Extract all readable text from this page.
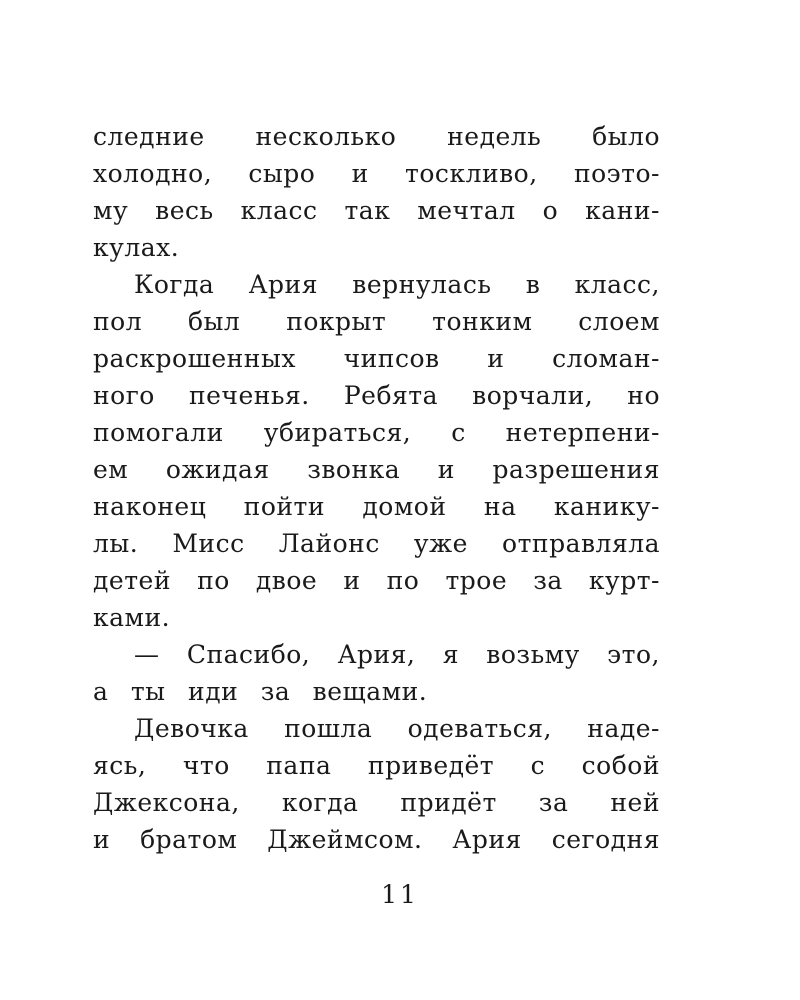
следние несколько недель было
холодно, сыро и тоскливо, поэто-
му весь класс так мечтал о кани-
кулах.
Когда Ария вернулась в класс,
пол был покрыт тонким слоем
раскрошенных чипсов и сломан-
ного печенья. Ребята ворчали, но
помогали убираться, с нетерпени-
ем ожидая звонка и разрешения
наконец пойти домой на канику-
лы. Мисс Лайонс уже отправляла
детей по двое и по трое за курт-
ками.
— Спасибо, Ария, я возьму это,
а ты иди за вещами.
Девочка пошла одеваться, наде-
ясь, что папа приведёт с собой
Джексона, когда придёт за ней
и братом Джеймсом. Ария сегодня
11
